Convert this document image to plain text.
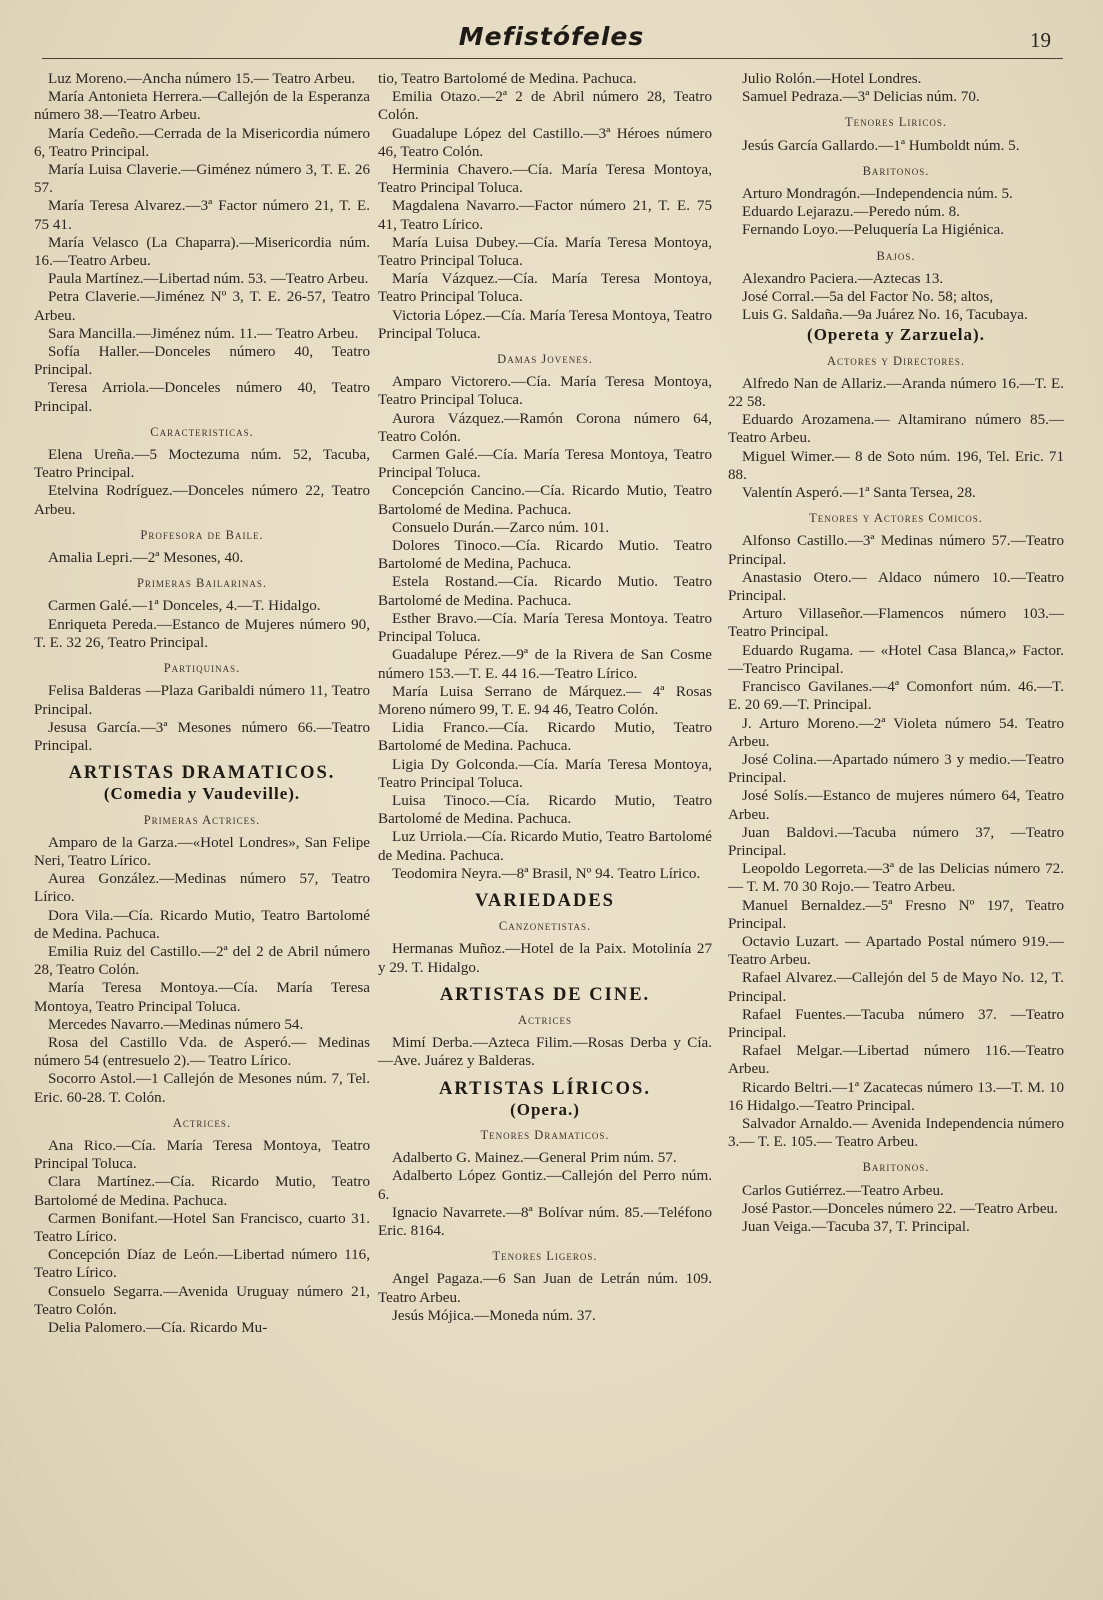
Mefistófeles	19

Luz Moreno.—Ancha número 15.— Teatro Arbeu.

María Antonieta Herrera.—Callejón de la Esperanza número 38.—Teatro Arbeu.

María Cedeño.—Cerrada de la Misericordia número 6, Teatro Principal.

María Luisa Claverie.—Giménez número 3, T. E. 26 57.

María Teresa Alvarez.—3ª Factor número 21, T. E. 75 41.

María Velasco (La Chaparra).—Misericordia núm. 16.—Teatro Arbeu.

Paula Martínez.—Libertad núm. 53. —Teatro Arbeu.

Petra Claverie.—Jiménez Nº 3, T. E. 26-57, Teatro Arbeu.

Sara Mancilla.—Jiménez núm. 11.— Teatro Arbeu.

Sofía Haller.—Donceles número 40, Teatro Principal.

Teresa Arriola.—Donceles número 40, Teatro Principal.

Caracteristicas.

Elena Ureña.—5 Moctezuma núm. 52, Tacuba, Teatro Principal.

Etelvina Rodríguez.—Donceles número 22, Teatro Arbeu.

Profesora de Baile.

Amalia Lepri.—2ª Mesones, 40.

Primeras Bailarinas.

Carmen Galé.—1ª Donceles, 4.—T. Hidalgo.

Enriqueta Pereda.—Estanco de Mujeres número 90, T. E. 32 26, Teatro Principal.

Partiquinas.

Felisa Balderas —Plaza Garibaldi número 11, Teatro Principal.

Jesusa García.—3ª Mesones número 66.—Teatro Principal.

ARTISTAS DRAMATICOS.
(Comedia y Vaudeville).
Primeras Actrices.

Amparo de la Garza.—«Hotel Londres», San Felipe Neri, Teatro Lírico.

Aurea González.—Medinas número 57, Teatro Lírico.

Dora Vila.—Cía. Ricardo Mutio, Teatro Bartolomé de Medina. Pachuca.

Emilia Ruiz del Castillo.—2ª del 2 de Abril número 28, Teatro Colón.

María Teresa Montoya.—Cía. María Teresa Montoya, Teatro Principal Toluca.

Mercedes Navarro.—Medinas número 54.

Rosa del Castillo Vda. de Asperó.— Medinas número 54 (entresuelo 2).— Teatro Lírico.

Socorro Astol.—1 Callejón de Mesones núm. 7, Tel. Eric. 60-28. T. Colón.

Actrices.

Ana Rico.—Cía. María Teresa Montoya, Teatro Principal Toluca.

Clara Martínez.—Cía. Ricardo Mutio, Teatro Bartolomé de Medina. Pachuca.

Carmen Bonifant.—Hotel San Francisco, cuarto 31. Teatro Lírico.

Concepción Díaz de León.—Libertad número 116, Teatro Lírico.

Consuelo Segarra.—Avenida Uruguay número 21, Teatro Colón.

Delia Palomero.—Cía. Ricardo Mu-

tio, Teatro Bartolomé de Medina. Pachuca.

Emilia Otazo.—2ª 2 de Abril número 28, Teatro Colón.

Guadalupe López del Castillo.—3ª Héroes número 46, Teatro Colón.

Herminia Chavero.—Cía. María Teresa Montoya, Teatro Principal Toluca.

Magdalena Navarro.—Factor número 21, T. E. 75 41, Teatro Lírico.

María Luisa Dubey.—Cía. María Teresa Montoya, Teatro Principal Toluca.

María Vázquez.—Cía. María Teresa Montoya, Teatro Principal Toluca.

Victoria López.—Cía. María Teresa Montoya, Teatro Principal Toluca.

Damas Jovenes.

Amparo Victorero.—Cía. María Teresa Montoya, Teatro Principal Toluca.

Aurora Vázquez.—Ramón Corona número 64, Teatro Colón.

Carmen Galé.—Cía. María Teresa Montoya, Teatro Principal Toluca.

Concepción Cancino.—Cía. Ricardo Mutio, Teatro Bartolomé de Medina. Pachuca.

Consuelo Durán.—Zarco núm. 101.

Dolores Tinoco.—Cía. Ricardo Mutio. Teatro Bartolomé de Medina, Pachuca.

Estela Rostand.—Cía. Ricardo Mutio. Teatro Bartolomé de Medina. Pachuca.

Esther Bravo.—Cía. María Teresa Montoya. Teatro Principal Toluca.

Guadalupe Pérez.—9ª de la Rivera de San Cosme número 153.—T. E. 44 16.—Teatro Lírico.

María Luisa Serrano de Márquez.— 4ª Rosas Moreno número 99, T. E. 94 46, Teatro Colón.

Lidia Franco.—Cía. Ricardo Mutio, Teatro Bartolomé de Medina. Pachuca.

Ligia Dy Golconda.—Cía. María Teresa Montoya, Teatro Principal Toluca.

Luisa Tinoco.—Cía. Ricardo Mutio, Teatro Bartolomé de Medina. Pachuca.

Luz Urriola.—Cía. Ricardo Mutio, Teatro Bartolomé de Medina. Pachuca.

Teodomira Neyra.—8ª Brasil, Nº 94. Teatro Lírico.

VARIEDADES
Canzonetistas.

Hermanas Muñoz.—Hotel de la Paix. Motolinía 27 y 29. T. Hidalgo.

ARTISTAS DE CINE.
Actrices

Mimí Derba.—Azteca Filim.—Rosas Derba y Cía.—Ave. Juárez y Balderas.

ARTISTAS LÍRICOS.
(Opera.)
Tenores Dramaticos.

Adalberto G. Mainez.—General Prim núm. 57.

Adalberto López Gontiz.—Callejón del Perro núm. 6.

Ignacio Navarrete.—8ª Bolívar núm. 85.—Teléfono Eric. 8164.

Tenores Ligeros.

Angel Pagaza.—6 San Juan de Letrán núm. 109. Teatro Arbeu.

Jesús Mójica.—Moneda núm. 37.

Julio Rolón.—Hotel Londres.

Samuel Pedraza.—3ª Delicias núm. 70.

Tenores Liricos.

Jesús García Gallardo.—1ª Humboldt núm. 5.

Baritonos.

Arturo Mondragón.—Independencia núm. 5.

Eduardo Lejarazu.—Peredo núm. 8.

Fernando Loyo.—Peluquería La Higiénica.

Bajos.

Alexandro Paciera.—Aztecas 13.

José Corral.—5a del Factor No. 58; altos,

Luis G. Saldaña.—9a Juárez No. 16, Tacubaya.

(Opereta y Zarzuela).
Actores y Directores.

Alfredo Nan de Allariz.—Aranda número 16.—T. E. 22 58.

Eduardo Arozamena.— Altamirano número 85.—Teatro Arbeu.

Miguel Wimer.— 8 de Soto núm. 196, Tel. Eric. 71 88.

Valentín Asperó.—1ª Santa Tersea, 28.

Tenores y Actores Comicos.

Alfonso Castillo.—3ª Medinas número 57.—Teatro Principal.

Anastasio Otero.— Aldaco número 10.—Teatro Principal.

Arturo Villaseñor.—Flamencos número 103.—Teatro Principal.

Eduardo Rugama. — «Hotel Casa Blanca,» Factor.—Teatro Principal.

Francisco Gavilanes.—4ª Comonfort núm. 46.—T. E. 20 69.—T. Principal.

J. Arturo Moreno.—2ª Violeta número 54. Teatro Arbeu.

José Colina.—Apartado número 3 y medio.—Teatro Principal.

José Solís.—Estanco de mujeres número 64, Teatro Arbeu.

Juan Baldovi.—Tacuba número 37, —Teatro Principal.

Leopoldo Legorreta.—3ª de las Delicias número 72.— T. M. 70 30 Rojo.— Teatro Arbeu.

Manuel Bernaldez.—5ª Fresno Nº 197, Teatro Principal.

Octavio Luzart. — Apartado Postal número 919.—Teatro Arbeu.

Rafael Alvarez.—Callejón del 5 de Mayo No. 12, T. Principal.

Rafael Fuentes.—Tacuba número 37. —Teatro Principal.

Rafael Melgar.—Libertad número 116.—Teatro Arbeu.

Ricardo Beltri.—1ª Zacatecas número 13.—T. M. 10 16 Hidalgo.—Teatro Principal.

Salvador Arnaldo.— Avenida Independencia número 3.— T. E. 105.— Teatro Arbeu.

Baritonos.

Carlos Gutiérrez.—Teatro Arbeu.

José Pastor.—Donceles número 22. —Teatro Arbeu.

Juan Veiga.—Tacuba 37, T. Principal.
